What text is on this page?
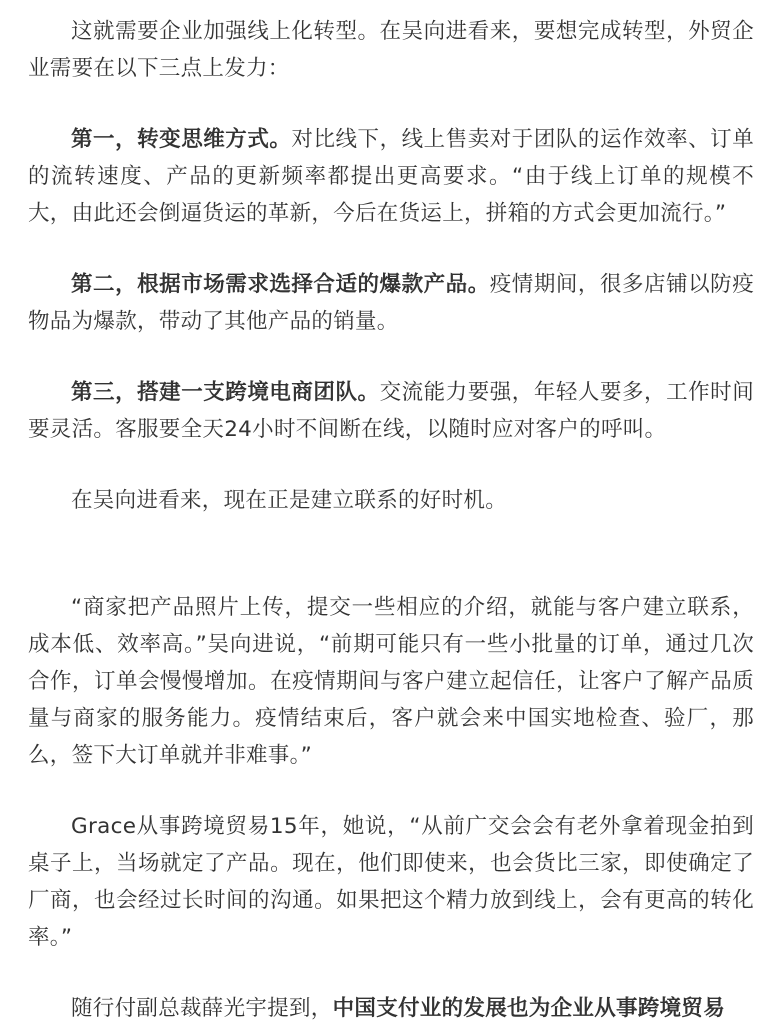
这就需要企业加强线上化转型。在吴向进看来，要想完成转型，外贸企业需要在以下三点上发力：

第一，转变思维方式。对比线下，线上售卖对于团队的运作效率、订单的流转速度、产品的更新频率都提出更高要求。“由于线上订单的规模不大，由此还会倒逼货运的革新，今后在货运上，拼箱的方式会更加流行。”

第二，根据市场需求选择合适的爆款产品。疫情期间，很多店铺以防疫物品为爆款，带动了其他产品的销量。

第三，搭建一支跨境电商团队。交流能力要强，年轻人要多，工作时间要灵活。客服要全天24小时不间断在线，以随时应对客户的呼叫。

在吴向进看来，现在正是建立联系的好时机。

“商家把产品照片上传，提交一些相应的介绍，就能与客户建立联系，成本低、效率高。”吴向进说，“前期可能只有一些小批量的订单，通过几次合作，订单会慢慢增加。在疫情期间与客户建立起信任，让客户了解产品质量与商家的服务能力。疫情结束后，客户就会来中国实地检查、验厂，那么，签下大订单就并非难事。”

Grace从事跨境贸易15年，她说，“从前广交会会有老外拿着现金拍到桌子上，当场就定了产品。现在，他们即使来，也会货比三家，即使确定了厂商，也会经过长时间的沟通。如果把这个精力放到线上，会有更高的转化率。”

随行付副总裁薛光宇提到，中国支付业的发展也为企业从事跨境贸易
